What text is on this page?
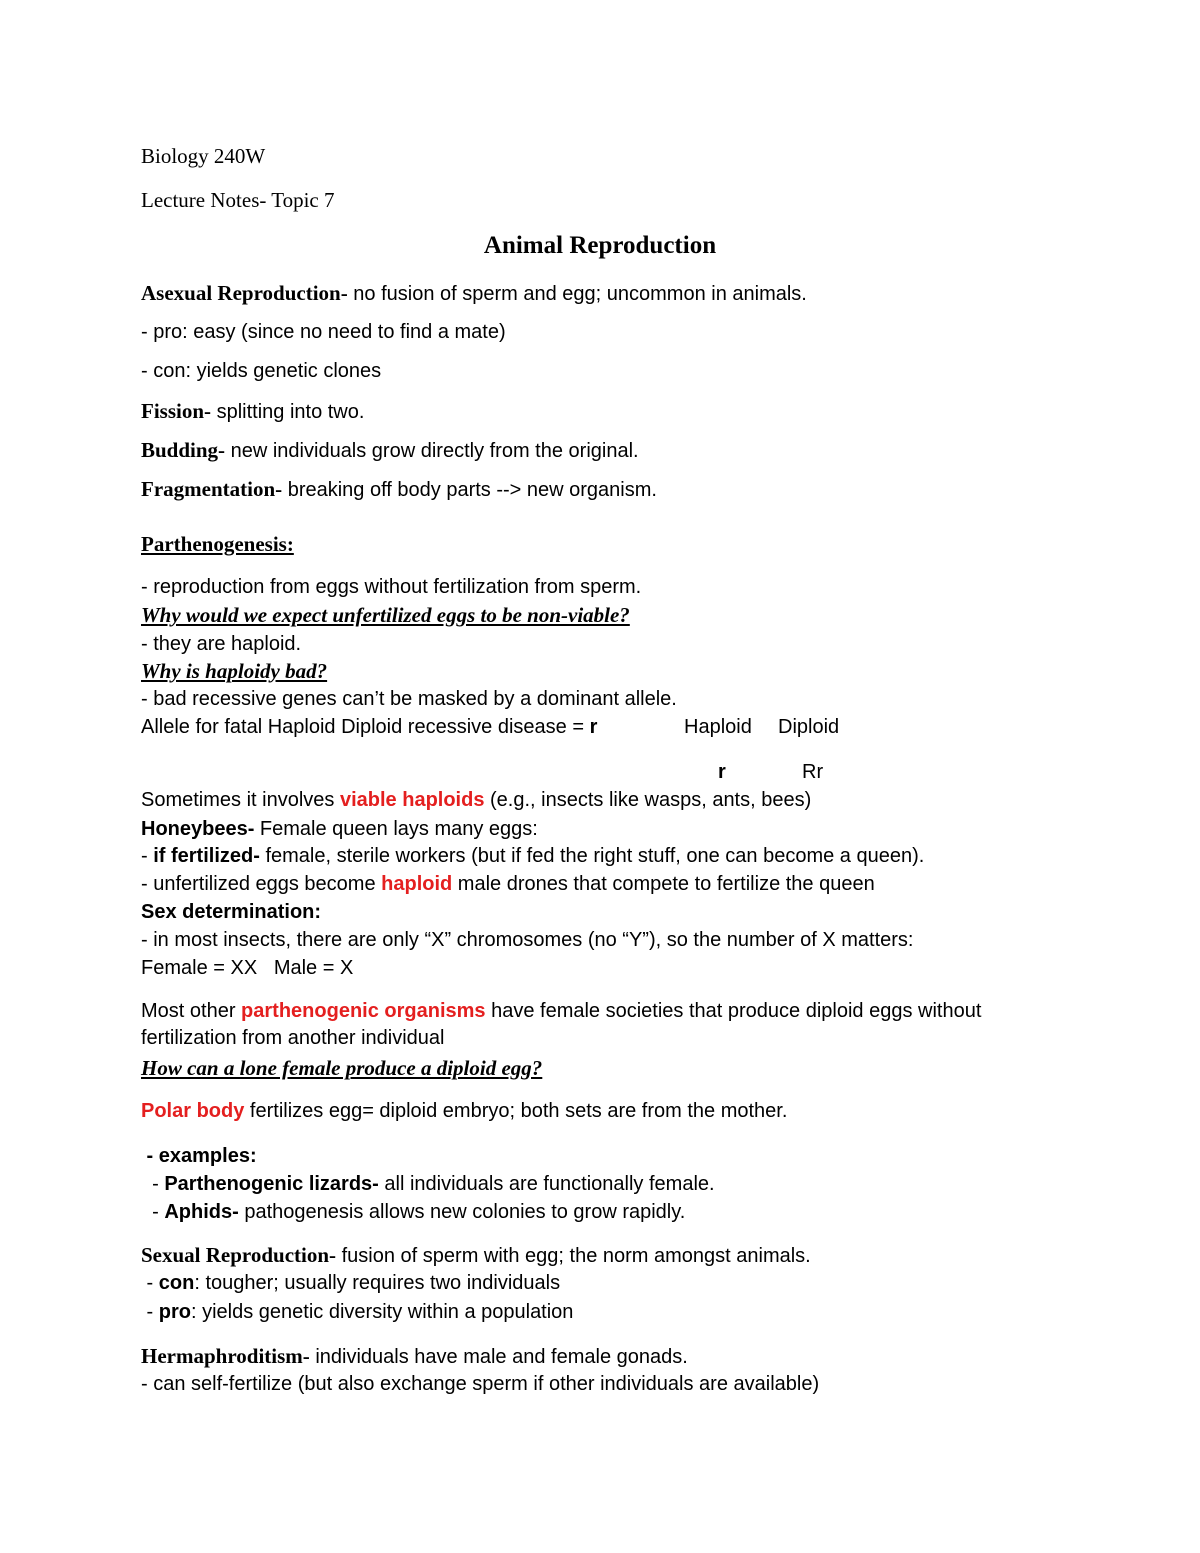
Biology 240W
Lecture Notes- Topic 7
Animal Reproduction
Asexual Reproduction- no fusion of sperm and egg; uncommon in animals.
- pro: easy (since no need to find a mate)
- con: yields genetic clones
Fission- splitting into two.
Budding- new individuals grow directly from the original.
Fragmentation- breaking off body parts --> new organism.
Parthenogenesis:
- reproduction from eggs without fertilization from sperm.
Why would we expect unfertilized eggs to be non-viable?
- they are haploid.
Why is haploidy bad?
- bad recessive genes can’t be masked by a dominant allele.
Allele for fatal Haploid Diploid recessive disease = r	Haploid Diploid
r	Rr
Sometimes it involves viable haploids (e.g., insects like wasps, ants, bees)
Honeybees- Female queen lays many eggs:
- if fertilized- female, sterile workers (but if fed the right stuff, one can become a queen).
- unfertilized eggs become haploid male drones that compete to fertilize the queen
Sex determination:
- in most insects, there are only “X” chromosomes (no “Y”), so the number of X matters:
Female = XX   Male = X
Most other parthenogenic organisms have female societies that produce diploid eggs without fertilization from another individual
How can a lone female produce a diploid egg?
Polar body fertilizes egg= diploid embryo; both sets are from the mother.
- examples:
- Parthenogenic lizards- all individuals are functionally female.
- Aphids- pathogenesis allows new colonies to grow rapidly.
Sexual Reproduction- fusion of sperm with egg; the norm amongst animals.
- con: tougher; usually requires two individuals
- pro: yields genetic diversity within a population
Hermaphroditism- individuals have male and female gonads.
- can self-fertilize (but also exchange sperm if other individuals are available)
